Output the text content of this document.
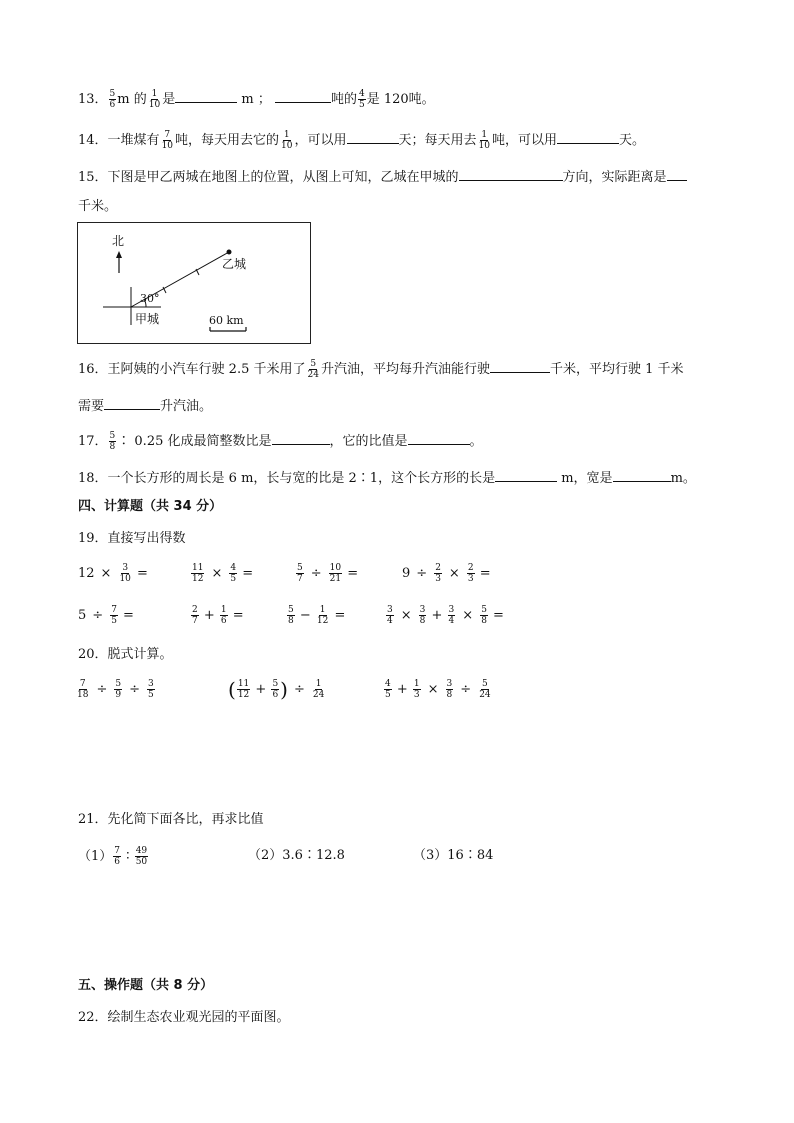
13． $\frac{5}{6}$ m 的 $\frac{1}{10}$ 是	m ；	吨的 $\frac{4}{5}$ 是 120吨。
14．一堆煤有 $\frac{7}{10}$ 吨，每天用去它的 $\frac{1}{10}$ ，可以用	天；每天用去 $\frac{1}{10}$ 吨，可以用	天。
15．下图是甲乙两城在地图上的位置，从图上可知，乙城在甲城的	方向，实际距离是
千米。
北
乙城
30°
甲城	60 km
16．王阿姨的小汽车行驶 2.5 千米用了 $\frac{5}{24}$ 升汽油，平均每升汽油能行驶	千米，平均行驶 1 千米
需要	升汽油。
17． $\frac{5}{8}$ ∶ 0.25 化成最简整数比是	，它的比值是	。
18．一个长方形的周长是 6 m，长与宽的比是 2∶1，这个长方形的长是	m，宽是	m。
四、计算题（共 34 分）
19．直接写出得数
$12 \times \frac{3}{10}$ =	$\frac{11}{12} \times \frac{4}{5}$ =	$\frac{5}{7} \div \frac{10}{21}$ =	$9 \div \frac{2}{3} \times \frac{2}{3}$ =
$5 \div \frac{7}{5}$ =	$\frac{2}{7} + \frac{1}{6}$ =	$\frac{5}{8} - \frac{1}{12}$ =	$\frac{3}{4} \times \frac{3}{8} + \frac{3}{4} \times \frac{5}{8}$ =
20．脱式计算。
$\frac{7}{18} \div \frac{5}{9} \div \frac{3}{5}$	( $\frac{11}{12} + \frac{5}{6}$ ) ÷ $\frac{1}{24}$	$\frac{4}{5} + \frac{1}{3} \times \frac{3}{8} \div \frac{5}{24}$
21．先化简下面各比，再求比值
$(1) \frac{7}{6}$ ∶ $\frac{49}{50}$	（2）3.6∶12.8	（3）16∶84
五、操作题（共 8 分）
22．绘制生态农业观光园的平面图。
